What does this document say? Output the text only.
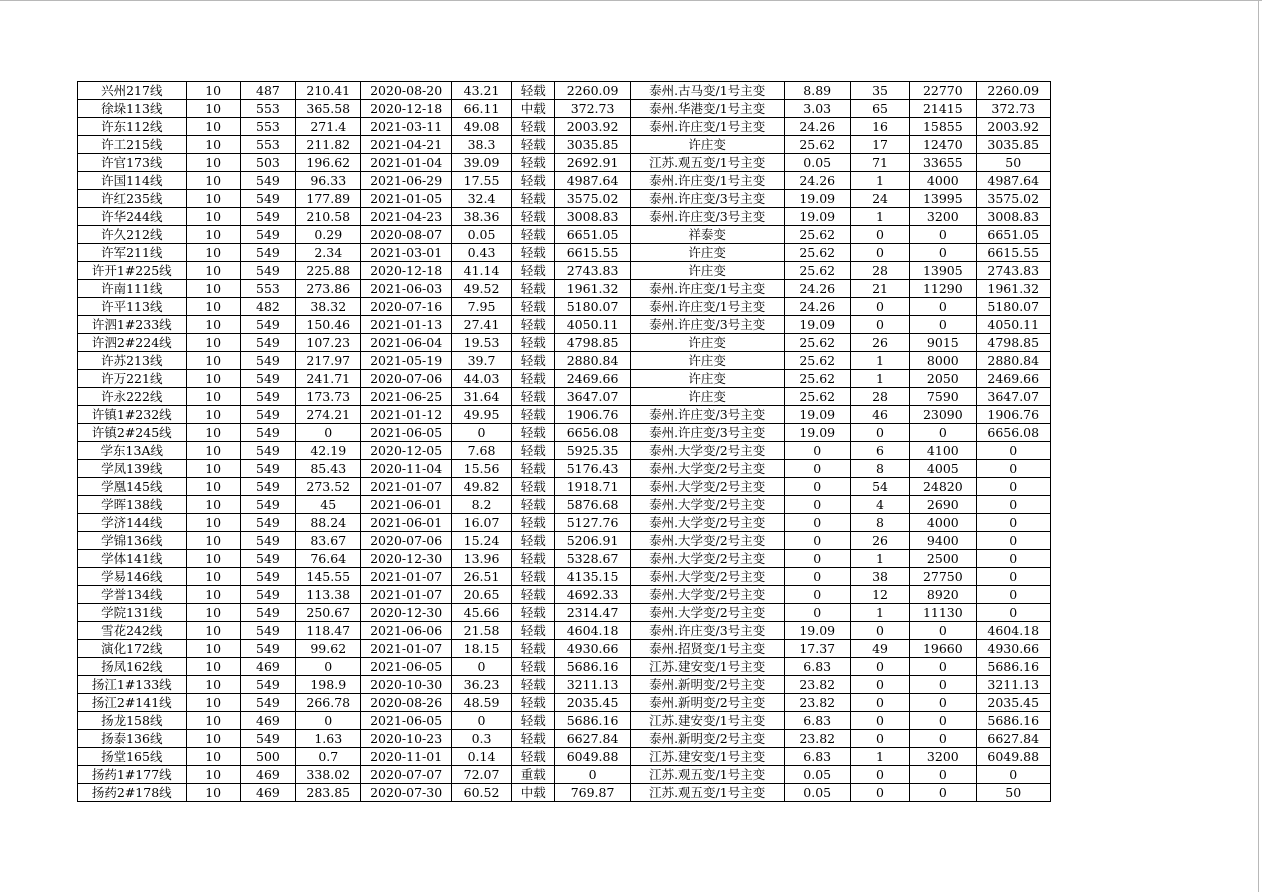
兴州217线	10	487	210.41	2020-08-20	43.21	轻载	2260.09	泰州.古马变/1号主变	8.89	35	22770	2260.09
徐垛113线	10	553	365.58	2020-12-18	66.11	中载	372.73	泰州.华港变/1号主变	3.03	65	21415	372.73
许东112线	10	553	271.4	2021-03-11	49.08	轻载	2003.92	泰州.许庄变/1号主变	24.26	16	15855	2003.92
许工215线	10	553	211.82	2021-04-21	38.3	轻载	3035.85	许庄变	25.62	17	12470	3035.85
许官173线	10	503	196.62	2021-01-04	39.09	轻载	2692.91	江苏.观五变/1号主变	0.05	71	33655	50
许国114线	10	549	96.33	2021-06-29	17.55	轻载	4987.64	泰州.许庄变/1号主变	24.26	1	4000	4987.64
许红235线	10	549	177.89	2021-01-05	32.4	轻载	3575.02	泰州.许庄变/3号主变	19.09	24	13995	3575.02
许华244线	10	549	210.58	2021-04-23	38.36	轻载	3008.83	泰州.许庄变/3号主变	19.09	1	3200	3008.83
许久212线	10	549	0.29	2020-08-07	0.05	轻载	6651.05	祥泰变	25.62	0	0	6651.05
许军211线	10	549	2.34	2021-03-01	0.43	轻载	6615.55	许庄变	25.62	0	0	6615.55
许开1#225线	10	549	225.88	2020-12-18	41.14	轻载	2743.83	许庄变	25.62	28	13905	2743.83
许南111线	10	553	273.86	2021-06-03	49.52	轻载	1961.32	泰州.许庄变/1号主变	24.26	21	11290	1961.32
许平113线	10	482	38.32	2020-07-16	7.95	轻载	5180.07	泰州.许庄变/1号主变	24.26	0	0	5180.07
许泗1#233线	10	549	150.46	2021-01-13	27.41	轻载	4050.11	泰州.许庄变/3号主变	19.09	0	0	4050.11
许泗2#224线	10	549	107.23	2021-06-04	19.53	轻载	4798.85	许庄变	25.62	26	9015	4798.85
许苏213线	10	549	217.97	2021-05-19	39.7	轻载	2880.84	许庄变	25.62	1	8000	2880.84
许万221线	10	549	241.71	2020-07-06	44.03	轻载	2469.66	许庄变	25.62	1	2050	2469.66
许永222线	10	549	173.73	2021-06-25	31.64	轻载	3647.07	许庄变	25.62	28	7590	3647.07
许镇1#232线	10	549	274.21	2021-01-12	49.95	轻载	1906.76	泰州.许庄变/3号主变	19.09	46	23090	1906.76
许镇2#245线	10	549	0	2021-06-05	0	轻载	6656.08	泰州.许庄变/3号主变	19.09	0	0	6656.08
学东13A线	10	549	42.19	2020-12-05	7.68	轻载	5925.35	泰州.大学变/2号主变	0	6	4100	0
学凤139线	10	549	85.43	2020-11-04	15.56	轻载	5176.43	泰州.大学变/2号主变	0	8	4005	0
学凰145线	10	549	273.52	2021-01-07	49.82	轻载	1918.71	泰州.大学变/2号主变	0	54	24820	0
学晖138线	10	549	45	2021-06-01	8.2	轻载	5876.68	泰州.大学变/2号主变	0	4	2690	0
学济144线	10	549	88.24	2021-06-01	16.07	轻载	5127.76	泰州.大学变/2号主变	0	8	4000	0
学锦136线	10	549	83.67	2020-07-06	15.24	轻载	5206.91	泰州.大学变/2号主变	0	26	9400	0
学体141线	10	549	76.64	2020-12-30	13.96	轻载	5328.67	泰州.大学变/2号主变	0	1	2500	0
学易146线	10	549	145.55	2021-01-07	26.51	轻载	4135.15	泰州.大学变/2号主变	0	38	27750	0
学誉134线	10	549	113.38	2021-01-07	20.65	轻载	4692.33	泰州.大学变/2号主变	0	12	8920	0
学院131线	10	549	250.67	2020-12-30	45.66	轻载	2314.47	泰州.大学变/2号主变	0	1	11130	0
雪花242线	10	549	118.47	2021-06-06	21.58	轻载	4604.18	泰州.许庄变/3号主变	19.09	0	0	4604.18
演化172线	10	549	99.62	2021-01-07	18.15	轻载	4930.66	泰州.招贤变/1号主变	17.37	49	19660	4930.66
扬凤162线	10	469	0	2021-06-05	0	轻载	5686.16	江苏.建安变/1号主变	6.83	0	0	5686.16
扬江1#133线	10	549	198.9	2020-10-30	36.23	轻载	3211.13	泰州.新明变/2号主变	23.82	0	0	3211.13
扬江2#141线	10	549	266.78	2020-08-26	48.59	轻载	2035.45	泰州.新明变/2号主变	23.82	0	0	2035.45
扬龙158线	10	469	0	2021-06-05	0	轻载	5686.16	江苏.建安变/1号主变	6.83	0	0	5686.16
扬泰136线	10	549	1.63	2020-10-23	0.3	轻载	6627.84	泰州.新明变/2号主变	23.82	0	0	6627.84
扬堂165线	10	500	0.7	2020-11-01	0.14	轻载	6049.88	江苏.建安变/1号主变	6.83	1	3200	6049.88
扬药1#177线	10	469	338.02	2020-07-07	72.07	重载	0	江苏.观五变/1号主变	0.05	0	0	0
扬药2#178线	10	469	283.85	2020-07-30	60.52	中载	769.87	江苏.观五变/1号主变	0.05	0	0	50
